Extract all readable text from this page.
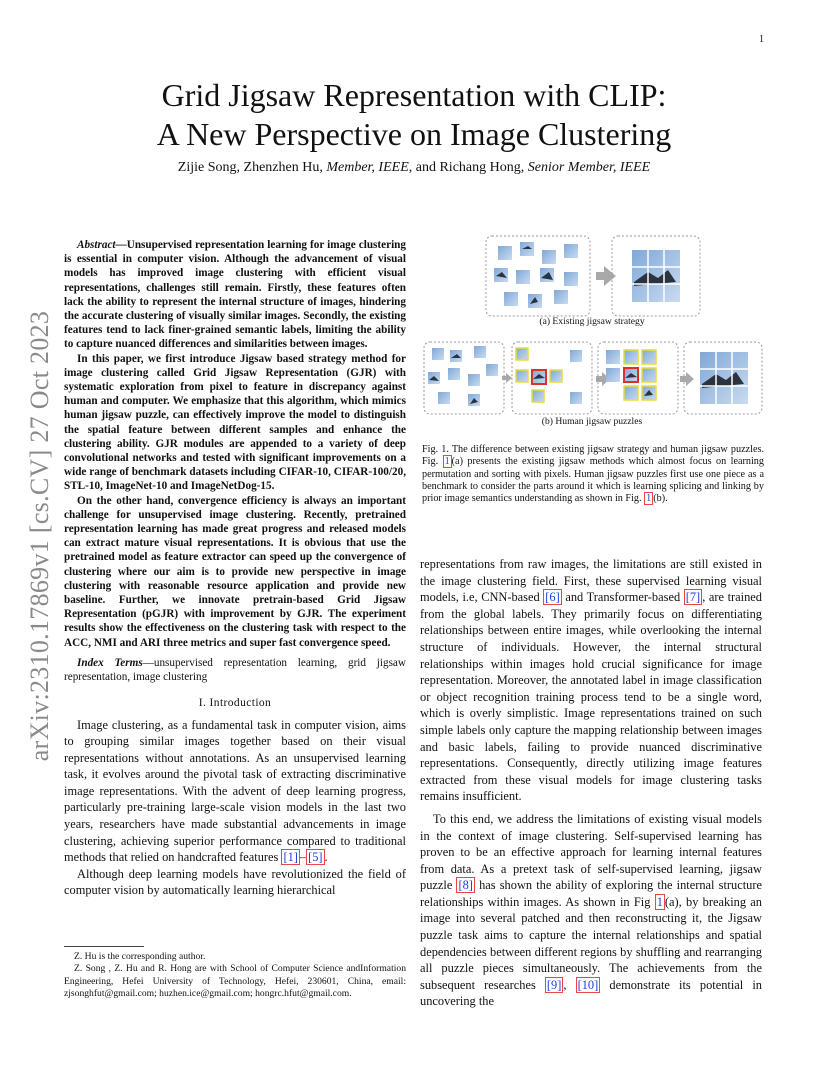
1
arXiv:2310.17869v1 [cs.CV] 27 Oct 2023
Grid Jigsaw Representation with CLIP:
A New Perspective on Image Clustering
Zijie Song, Zhenzhen Hu, Member, IEEE, and Richang Hong, Senior Member, IEEE

Abstract—Unsupervised representation learning for image clustering is essential in computer vision. Although the advancement of visual models has improved image clustering with efficient visual representations, challenges still remain. Firstly, these features often lack the ability to represent the internal structure of images, hindering the accurate clustering of visually similar images. Secondly, the existing features tend to lack finer-grained semantic labels, limiting the ability to capture nuanced differences and similarities between images.

In this paper, we first introduce Jigsaw based strategy method for image clustering called Grid Jigsaw Representation (GJR) with systematic exploration from pixel to feature in discrepancy against human and computer. We emphasize that this algorithm, which mimics human jigsaw puzzle, can effectively improve the model to distinguish the spatial feature between different samples and enhance the clustering ability. GJR modules are appended to a variety of deep convolutional networks and tested with significant improvements on a wide range of benchmark datasets including CIFAR-10, CIFAR-100/20, STL-10, ImageNet-10 and ImageNetDog-15.

On the other hand, convergence efficiency is always an important challenge for unsupervised image clustering. Recently, pretrained representation learning has made great progress and released models can extract mature visual representations. It is obvious that use the pretrained model as feature extractor can speed up the convergence of clustering where our aim is to provide new perspective in image clustering with reasonable resource application and provide new baseline. Further, we innovate pretrain-based Grid Jigsaw Representation (pGJR) with improvement by GJR. The experiment results show the effectiveness on the clustering task with respect to the ACC, NMI and ARI three metrics and super fast convergence speed.

Index Terms—unsupervised representation learning, grid jigsaw representation, image clustering

I. Introduction

Image clustering, as a fundamental task in computer vision, aims to grouping similar images together based on their visual representations without annotations. As an unsupervised learning task, it evolves around the pivotal task of extracting discriminative image representations. With the advent of deep learning progress, particularly pre-training large-scale vision models in the last two years, researchers have made substantial advancements in image clustering, achieving superior performance compared to traditional methods that relied on handcrafted features [1] – [5] .

Although deep learning models have revolutionized the field of computer vision by automatically learning hierarchical

Z. Hu is the corresponding author.

Z. Song , Z. Hu and R. Hong are with School of Computer Science andInformation Engineering, Hefei University of Technology, Hefei, 230601, China, email: zjsonghfut@gmail.com; huzhen.ice@gmail.com; hongrc.hfut@gmail.com.

(a) Existing jigsaw strategy
(b) Human jigsaw puzzles
Fig. 1. The difference between existing jigsaw strategy and human jigsaw puzzles. Fig. 1 (a) presents the existing jigsaw methods which almost focus on learning permutation and sorting with pixels. Human jigsaw puzzles first use one piece as a benchmark to consider the parts around it which is learning splicing and linking by prior image semantics understanding as shown in Fig. 1 (b).

representations from raw images, the limitations are still existed in the image clustering field. First, these supervised learning visual models, i.e, CNN-based [6] and Transformer-based [7] , are trained from the global labels. They primarily focus on differentiating relationships between entire images, while overlooking the internal structure of individuals. However, the internal structural relationships within images hold crucial significance for image representation. Moreover, the annotated label in image classification or object recognition training process tend to be a single word, which is overly simplistic. Image representations trained on such simple labels only capture the mapping relationship between images and basic labels, failing to provide nuanced discriminative representations. Consequently, directly utilizing image features extracted from these visual models for image clustering tasks remains insufficient.

To this end, we address the limitations of existing visual models in the context of image clustering. Self-supervised learning has proven to be an effective approach for learning internal features from data. As a pretext task of self-supervised learning, jigsaw puzzle [8] has shown the ability of exploring the internal structure relationships within images. As shown in Fig 1 (a), by breaking an image into several patched and then reconstructing it, the Jigsaw puzzle task aims to capture the internal relationships and spatial dependencies between different regions by shuffling and rearranging all puzzle pieces simultaneously. The achievements from the subsequent researches [9] , [10] demonstrate its potential in uncovering the
